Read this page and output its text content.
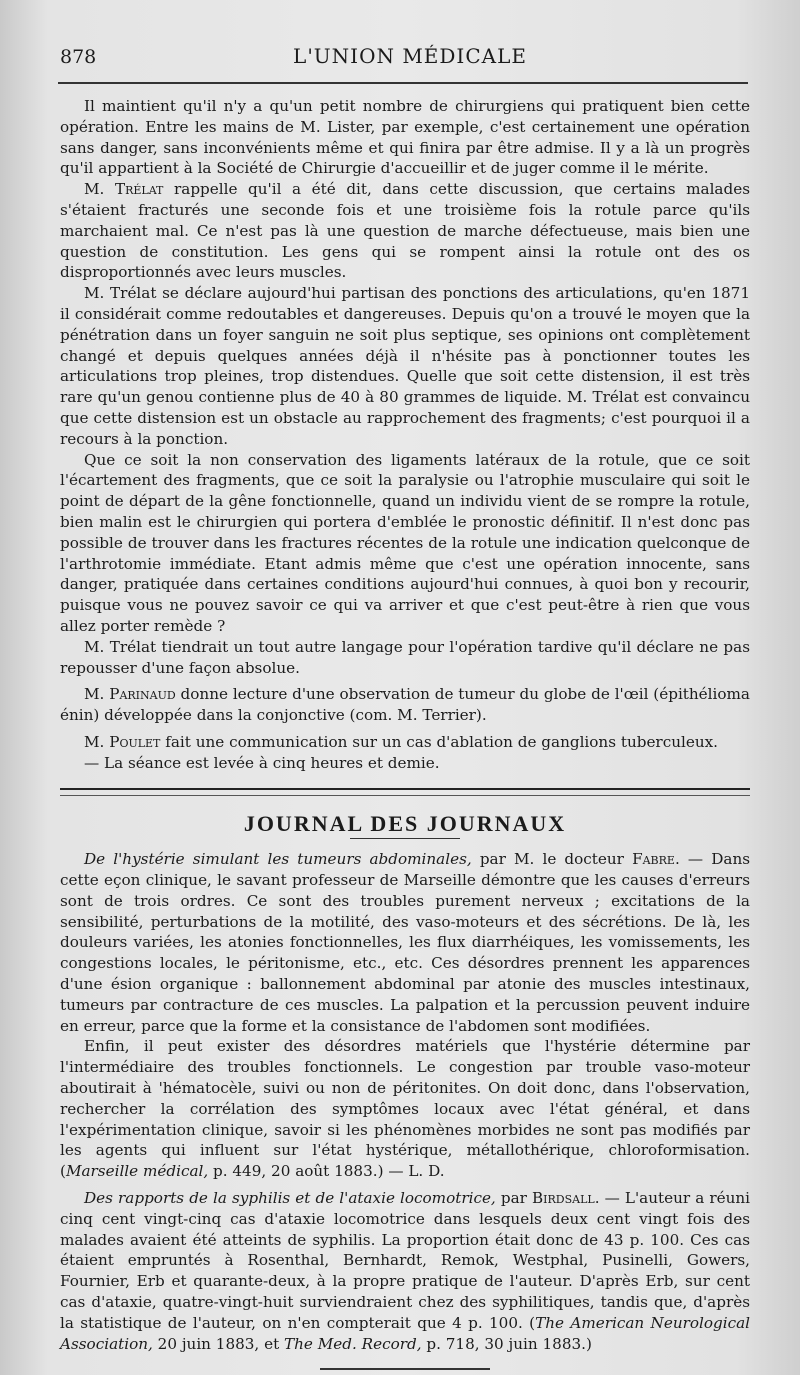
878	L'UNION MÉDICALE

Il maintient qu'il n'y a qu'un petit nombre de chirurgiens qui pratiquent bien cette opération. Entre les mains de M. Lister, par exemple, c'est certainement une opération sans danger, sans inconvénients même et qui finira par être admise. Il y a là un progrès qu'il appartient à la Société de Chirurgie d'accueillir et de juger comme il le mérite.

M. Trélat rappelle qu'il a été dit, dans cette discussion, que certains malades s'étaient fracturés une seconde fois et une troisième fois la rotule parce qu'ils marchaient mal. Ce n'est pas là une question de marche défectueuse, mais bien une question de constitution. Les gens qui se rompent ainsi la rotule ont des os disproportionnés avec leurs muscles.

M. Trélat se déclare aujourd'hui partisan des ponctions des articulations, qu'en 1871 il considérait comme redoutables et dangereuses. Depuis qu'on a trouvé le moyen que la pénétration dans un foyer sanguin ne soit plus septique, ses opinions ont complètement changé et depuis quelques années déjà il n'hésite pas à ponctionner toutes les articulations trop pleines, trop distendues. Quelle que soit cette distension, il est très rare qu'un genou contienne plus de 40 à 80 grammes de liquide. M. Trélat est convaincu que cette distension est un obstacle au rapprochement des fragments; c'est pourquoi il a recours à la ponction.

Que ce soit la non conservation des ligaments latéraux de la rotule, que ce soit l'écartement des fragments, que ce soit la paralysie ou l'atrophie musculaire qui soit le point de départ de la gêne fonctionnelle, quand un individu vient de se rompre la rotule, bien malin est le chirurgien qui portera d'emblée le pronostic définitif. Il n'est donc pas possible de trouver dans les fractures récentes de la rotule une indication quelconque de l'arthrotomie immédiate. Etant admis même que c'est une opération innocente, sans danger, pratiquée dans certaines conditions aujourd'hui connues, à quoi bon y recourir, puisque vous ne pouvez savoir ce qui va arriver et que c'est peut-être à rien que vous allez porter remède ?

M. Trélat tiendrait un tout autre langage pour l'opération tardive qu'il déclare ne pas repousser d'une façon absolue.

M. Parinaud donne lecture d'une observation de tumeur du globe de l'œil (épithélioma énin) développée dans la conjonctive (com. M. Terrier).

M. Poulet fait une communication sur un cas d'ablation de ganglions tuberculeux.

— La séance est levée à cinq heures et demie.

JOURNAL DES JOURNAUX

De l'hystérie simulant les tumeurs abdominales, par M. le docteur Fabre. — Dans cette eçon clinique, le savant professeur de Marseille démontre que les causes d'erreurs sont de trois ordres. Ce sont des troubles purement nerveux ; excitations de la sensibilité, perturbations de la motilité, des vaso-moteurs et des sécrétions. De là, les douleurs variées, les atonies fonctionnelles, les flux diarrhéiques, les vomissements, les congestions locales, le péritonisme, etc., etc. Ces désordres prennent les apparences d'une ésion organique : ballonnement abdominal par atonie des muscles intestinaux, tumeurs par contracture de ces muscles. La palpation et la percussion peuvent induire en erreur, parce que la forme et la consistance de l'abdomen sont modifiées.

Enfin, il peut exister des désordres matériels que l'hystérie détermine par l'intermédiaire des troubles fonctionnels. Le congestion par trouble vaso-moteur aboutirait à 'hématocèle, suivi ou non de péritonites. On doit donc, dans l'observation, rechercher la corrélation des symptômes locaux avec l'état général, et dans l'expérimentation clinique, savoir si les phénomènes morbides ne sont pas modifiés par les agents qui influent sur l'état hystérique, métallothérique, chloroformisation. (Marseille médical, p. 449, 20 août 1883.) — L. D.

Des rapports de la syphilis et de l'ataxie locomotrice, par Birdsall. — L'auteur a réuni cinq cent vingt-cinq cas d'ataxie locomotrice dans lesquels deux cent vingt fois des malades avaient été atteints de syphilis. La proportion était donc de 43 p. 100. Ces cas étaient empruntés à Rosenthal, Bernhardt, Remok, Westphal, Pusinelli, Gowers, Fournier, Erb et quarante-deux, à la propre pratique de l'auteur. D'après Erb, sur cent cas d'ataxie, quatre-vingt-huit surviendraient chez des syphilitiques, tandis que, d'après la statistique de l'auteur, on n'en compterait que 4 p. 100. (The American Neurological Association, 20 juin 1883, et The Med. Record, p. 718, 30 juin 1883.)
